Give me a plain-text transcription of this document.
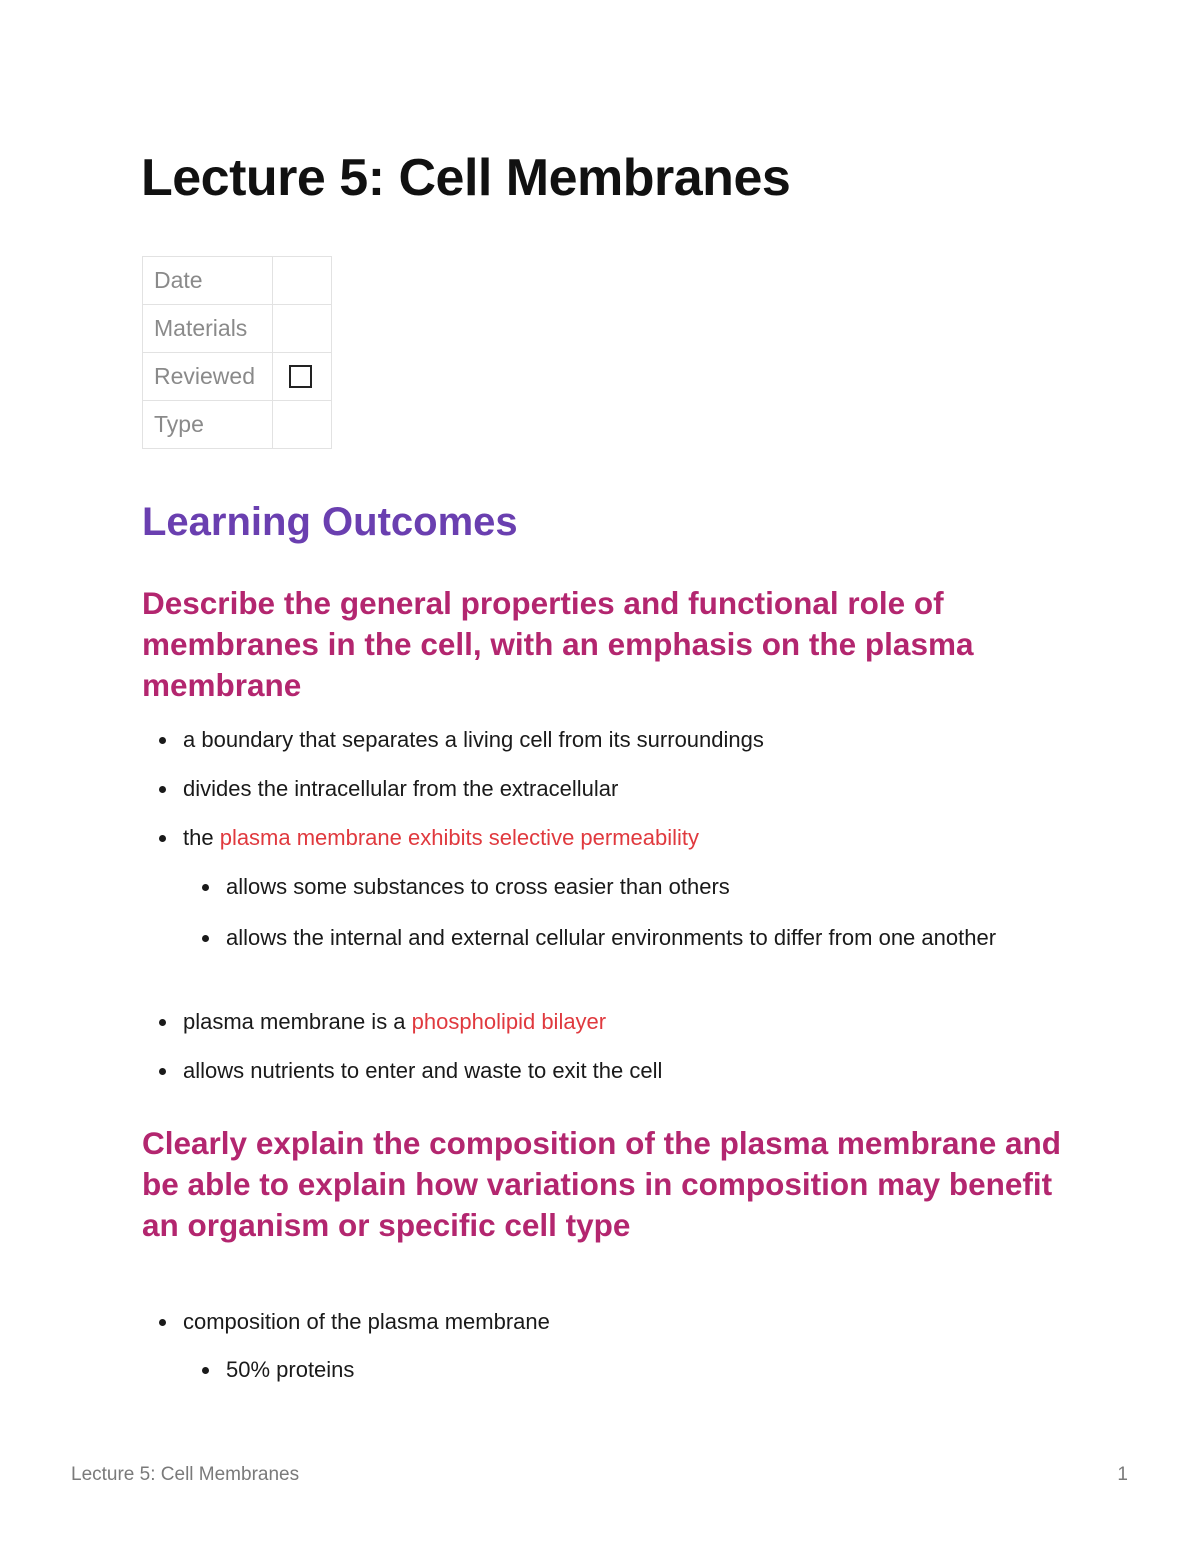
Lecture 5: Cell Membranes
Date	
Materials	
Reviewed	

Type	
Learning Outcomes
Describe the general properties and functional role of membranes in the cell, with an emphasis on the plasma membrane
a boundary that separates a living cell from its surroundings
divides the intracellular from the extracellular
the plasma membrane exhibits selective permeability
allows some substances to cross easier than others
allows the internal and external cellular environments to differ from one another
plasma membrane is a phospholipid bilayer
allows nutrients to enter and waste to exit the cell
Clearly explain the composition of the plasma membrane and be able to explain how variations in composition may benefit an organism or specific cell type
composition of the plasma membrane
50% proteins
Lecture 5: Cell Membranes	1
